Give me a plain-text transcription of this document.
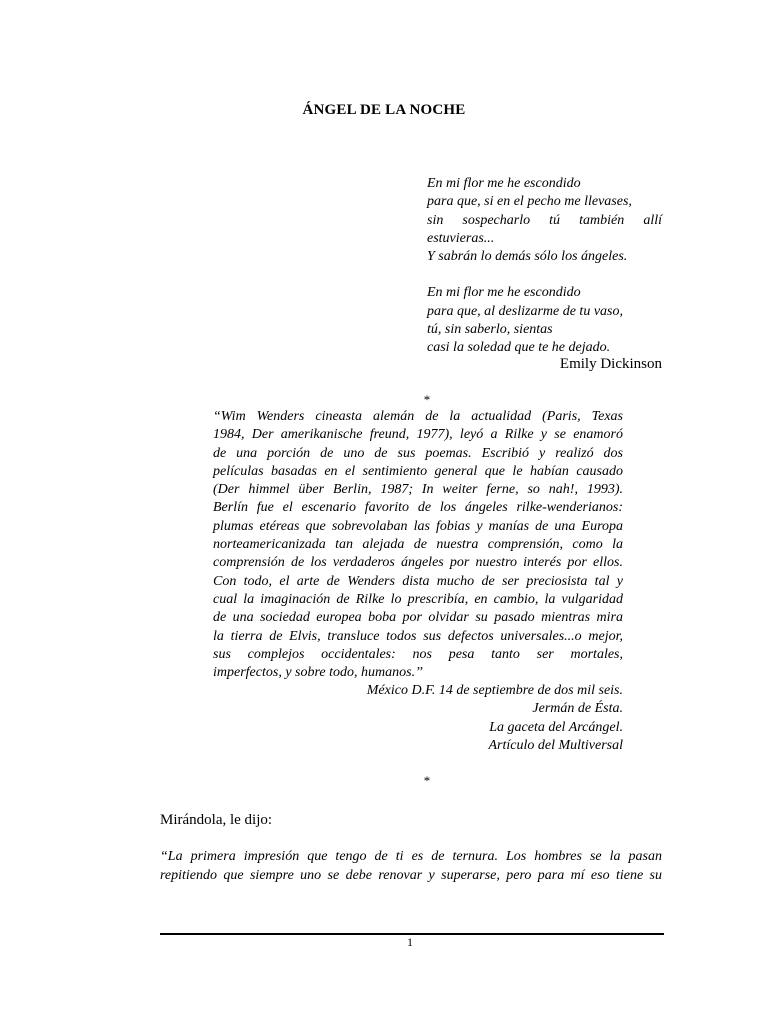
ÁNGEL DE LA NOCHE
En mi flor me he escondido
para que, si en el pecho me llevases,
sin sospecharlo tú también allí
estuvieras...
Y sabrán lo demás sólo los ángeles.
En mi flor me he escondido
para que, al deslizarme de tu vaso,
tú, sin saberlo, sientas
casi la soledad que te he dejado.
Emily Dickinson
*
“Wim Wenders cineasta alemán de la actualidad (Paris, Texas
1984, Der amerikanische freund, 1977), leyó a Rilke y se enamoró
de una porción de uno de sus poemas. Escribió y realizó dos
películas basadas en el sentimiento general que le habían causado
(Der himmel über Berlin, 1987; In weiter ferne, so nah!, 1993).
Berlín fue el escenario favorito de los ángeles rilke-wenderianos:
plumas etéreas que sobrevolaban las fobias y manías de una Europa
norteamericanizada tan alejada de nuestra comprensión, como la
comprensión de los verdaderos ángeles por nuestro interés por ellos.
Con todo, el arte de Wenders dista mucho de ser preciosista tal y
cual la imaginación de Rilke lo prescribía, en cambio, la vulgaridad
de una sociedad europea boba por olvidar su pasado mientras mira
la tierra de Elvis, transluce todos sus defectos universales...o mejor,
sus complejos occidentales: nos pesa tanto ser mortales,
imperfectos, y sobre todo, humanos.’’
México D.F. 14 de septiembre de dos mil seis.
Jermán de Ésta.
La gaceta del Arcángel.
Artículo del Multiversal
*
Mirándola, le dijo:
“La primera impresión que tengo de ti es de ternura. Los hombres se la pasan
repitiendo que siempre uno se debe renovar y superarse, pero para mí eso tiene su
1
